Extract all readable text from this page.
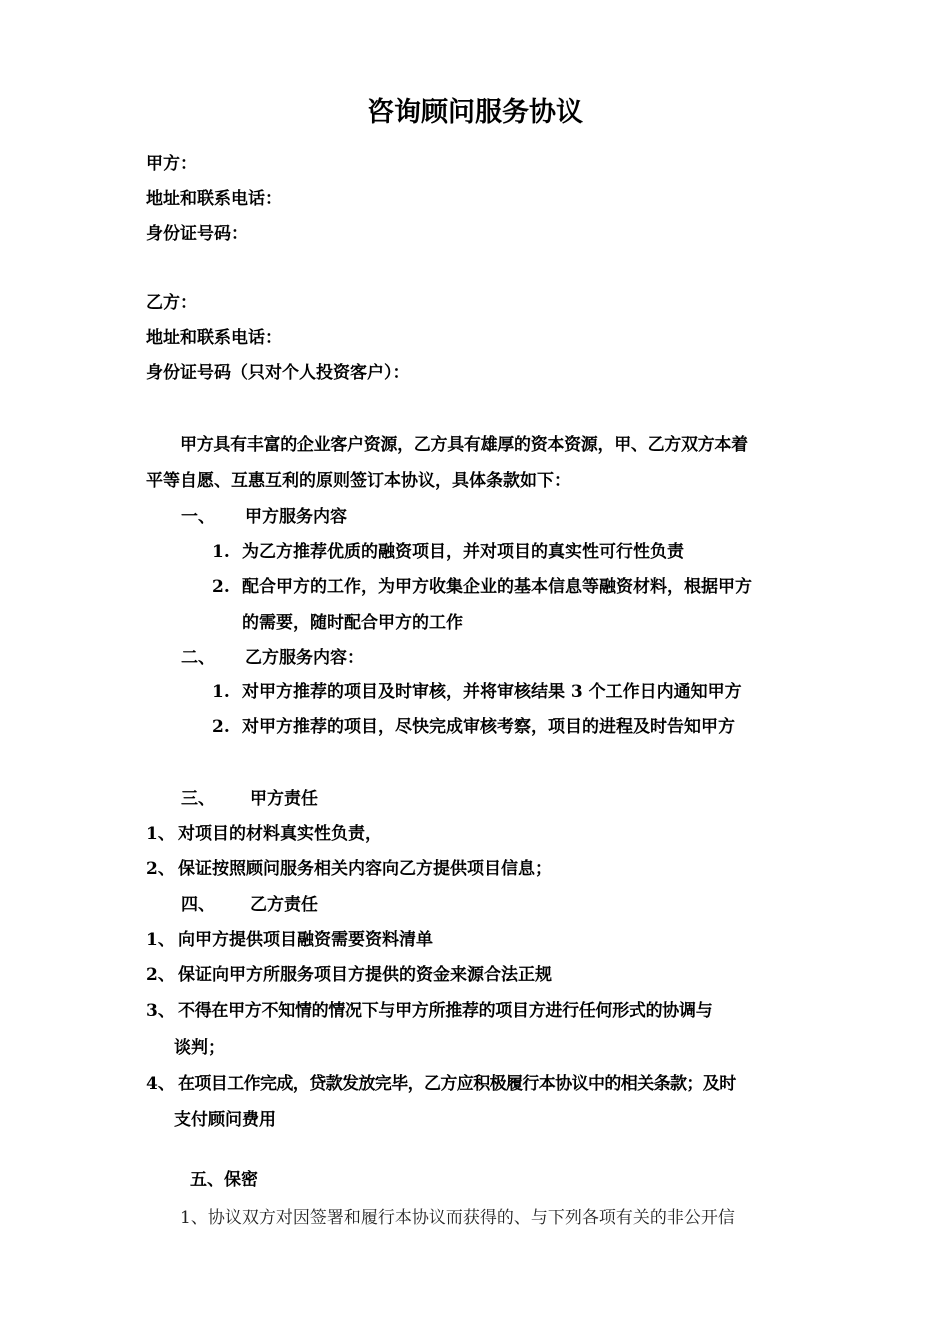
咨询顾问服务协议
甲方：
地址和联系电话：
身份证号码：
乙方：
地址和联系电话：
身份证号码（只对个人投资客户）：
甲方具有丰富的企业客户资源，乙方具有雄厚的资本资源，甲、乙方双方本着
平等自愿、互惠互利的原则签订本协议，具体条款如下：
一、 甲方服务内容
1. 为乙方推荐优质的融资项目，并对项目的真实性可行性负责
2. 配合甲方的工作，为甲方收集企业的基本信息等融资材料，根据甲方
的需要，随时配合甲方的工作
二、 乙方服务内容：
1. 对甲方推荐的项目及时审核，并将审核结果 3 个工作日内通知甲方
2. 对甲方推荐的项目，尽快完成审核考察，项目的进程及时告知甲方
三、 甲方责任
1、 对项目的材料真实性负责，
2、 保证按照顾问服务相关内容向乙方提供项目信息；
四、 乙方责任
1、 向甲方提供项目融资需要资料清单
2、 保证向甲方所服务项目方提供的资金来源合法正规
3、 不得在甲方不知情的情况下与甲方所推荐的项目方进行任何形式的协调与
谈判；
4、 在项目工作完成，贷款发放完毕，乙方应积极履行本协议中的相关条款；及时
支付顾问费用
五、保密
1、协议双方对因签署和履行本协议而获得的、与下列各项有关的非公开信
